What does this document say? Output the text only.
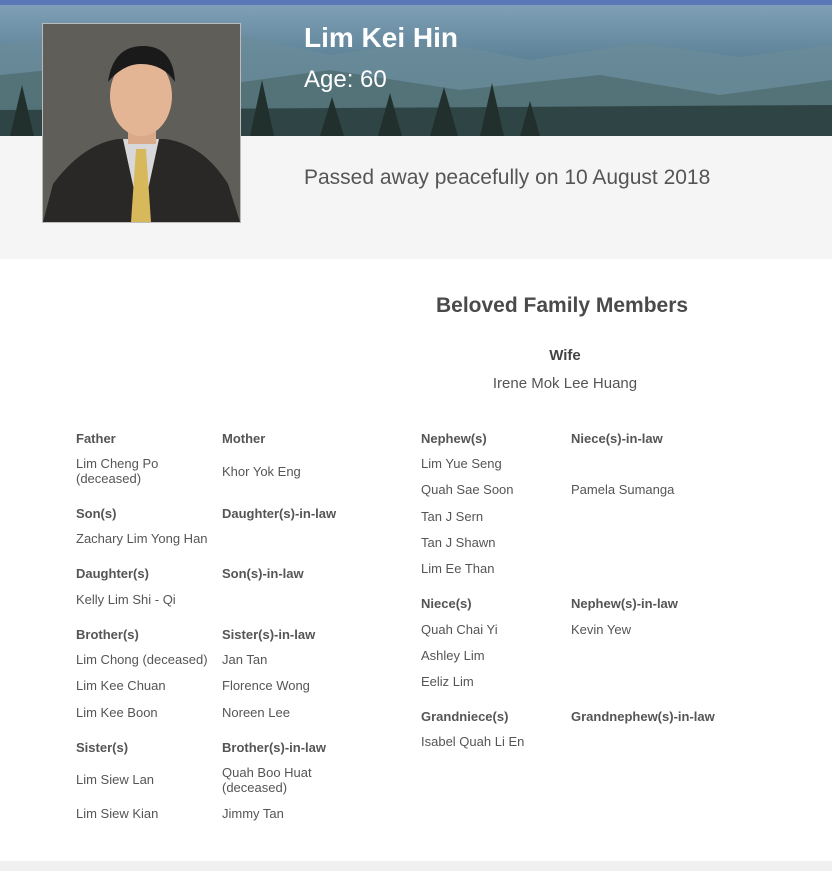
Lim Kei Hin
Age: 60
Passed away peacefully on 10 August 2018
Beloved Family Members
Wife
Irene Mok Lee Huang
Father
Lim Cheng Po
(deceased)
Mother
Khor Yok Eng
Son(s)
Zachary Lim Yong Han
Daughter(s)-in-law
Daughter(s)
Kelly Lim Shi - Qi
Son(s)-in-law
Brother(s)
Lim Chong (deceased)
Lim Kee Chuan
Lim Kee Boon
Sister(s)-in-law
Jan Tan
Florence Wong
Noreen Lee
Sister(s)
Lim Siew Lan
Lim Siew Kian
Brother(s)-in-law
Quah Boo Huat
(deceased)
Jimmy Tan
Nephew(s)
Lim Yue Seng
Quah Sae Soon
Tan J Sern
Tan J Shawn
Lim Ee Than
Niece(s)-in-law
Pamela Sumanga
Niece(s)
Quah Chai Yi
Ashley Lim
Eeliz Lim
Nephew(s)-in-law
Kevin Yew
Grandniece(s)
Isabel Quah Li En
Grandnephew(s)-in-law
